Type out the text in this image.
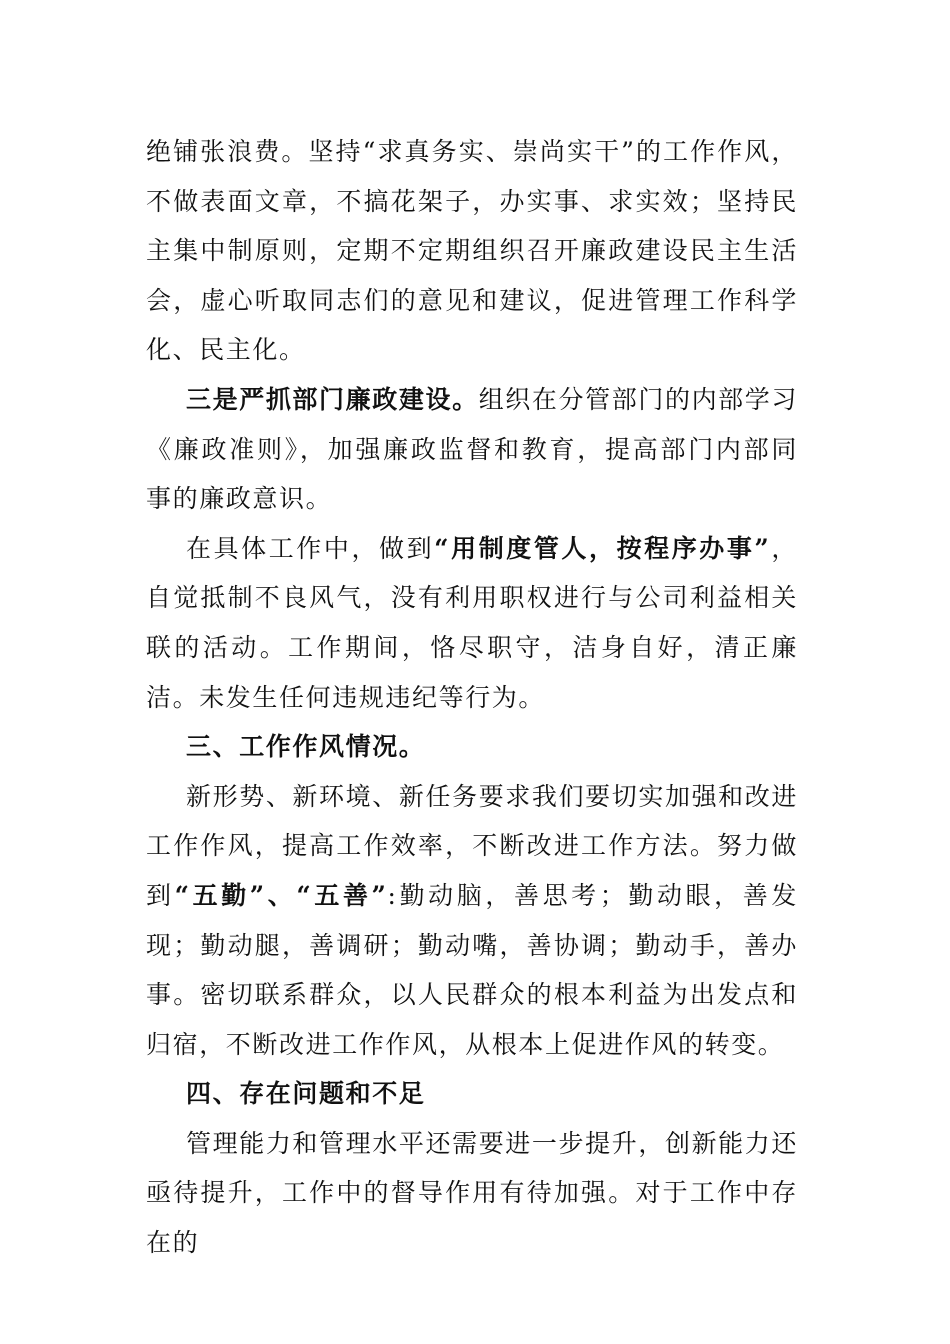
绝铺张浪费。坚持“求真务实、崇尚实干”的工作作风，不做表面文章，不搞花架子，办实事、求实效；坚持民主集中制原则，定期不定期组织召开廉政建设民主生活会，虚心听取同志们的意见和建议，促进管理工作科学化、民主化。

三是严抓部门廉政建设。组织在分管部门的内部学习《廉政准则》，加强廉政监督和教育，提高部门内部同事的廉政意识。

在具体工作中，做到“用制度管人，按程序办事”，自觉抵制不良风气，没有利用职权进行与公司利益相关联的活动。工作期间，恪尽职守，洁身自好，清正廉洁。未发生任何违规违纪等行为。

三、工作作风情况。

新形势、新环境、新任务要求我们要切实加强和改进工作作风，提高工作效率，不断改进工作方法。努力做到“五勤”、“五善”:勤动脑，善思考；勤动眼，善发现；勤动腿，善调研；勤动嘴，善协调；勤动手，善办事。密切联系群众，以人民群众的根本利益为出发点和归宿，不断改进工作作风，从根本上促进作风的转变。

四、存在问题和不足

管理能力和管理水平还需要进一步提升，创新能力还亟待提升，工作中的督导作用有待加强。对于工作中存在的
